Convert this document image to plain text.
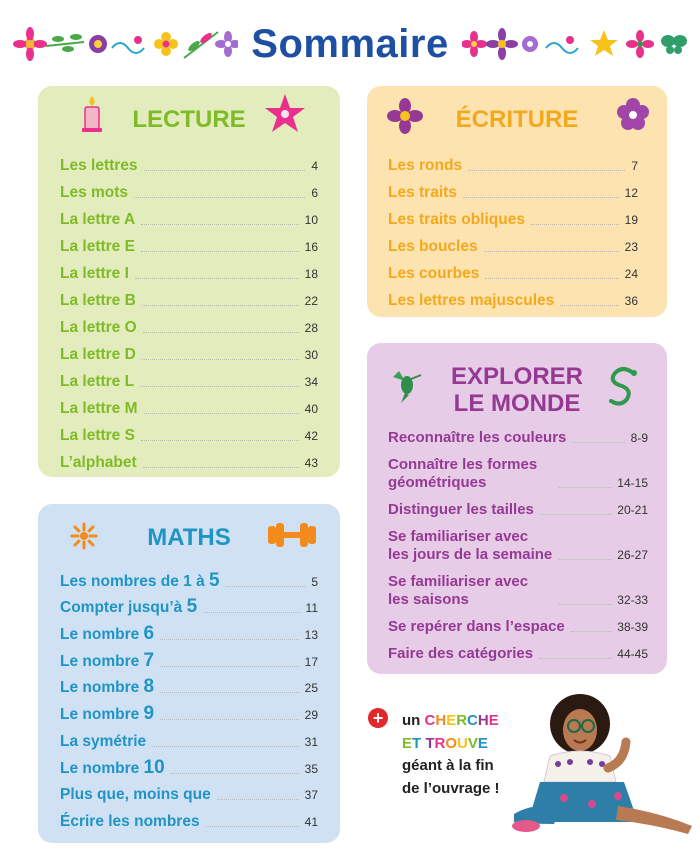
Sommaire
LECTURE
Les lettres	4
Les mots	6
La lettre A	10
La lettre E	16
La lettre I	18
La lettre B	22
La lettre O	28
La lettre D	30
La lettre L	34
La lettre M	40
La lettre S	42
L’alphabet	43
ÉCRITURE
Les ronds	7
Les traits	12
Les traits obliques	19
Les boucles	23
Les courbes	24
Les lettres majuscules	36
EXPLORER
LE MONDE
Reconnaître les couleurs	8-9
Connaître les formes géométriques	14-15
Distinguer les tailles	20-21
Se familiariser avec les jours de la semaine	26-27
Se familiariser avec les saisons	32-33
Se repérer dans l’espace	38-39
Faire des catégories	44-45
MATHS
Les nombres de 1 à 5	5
Compter jusqu’à 5	11
Le nombre 6	13
Le nombre 7	17
Le nombre 8	25
Le nombre 9	29
La symétrie	31
Le nombre 10	35
Plus que, moins que	37
Écrire les nombres	41
+	un CHERCHE
ET TROUVE
géant à la fin
de l’ouvrage !
